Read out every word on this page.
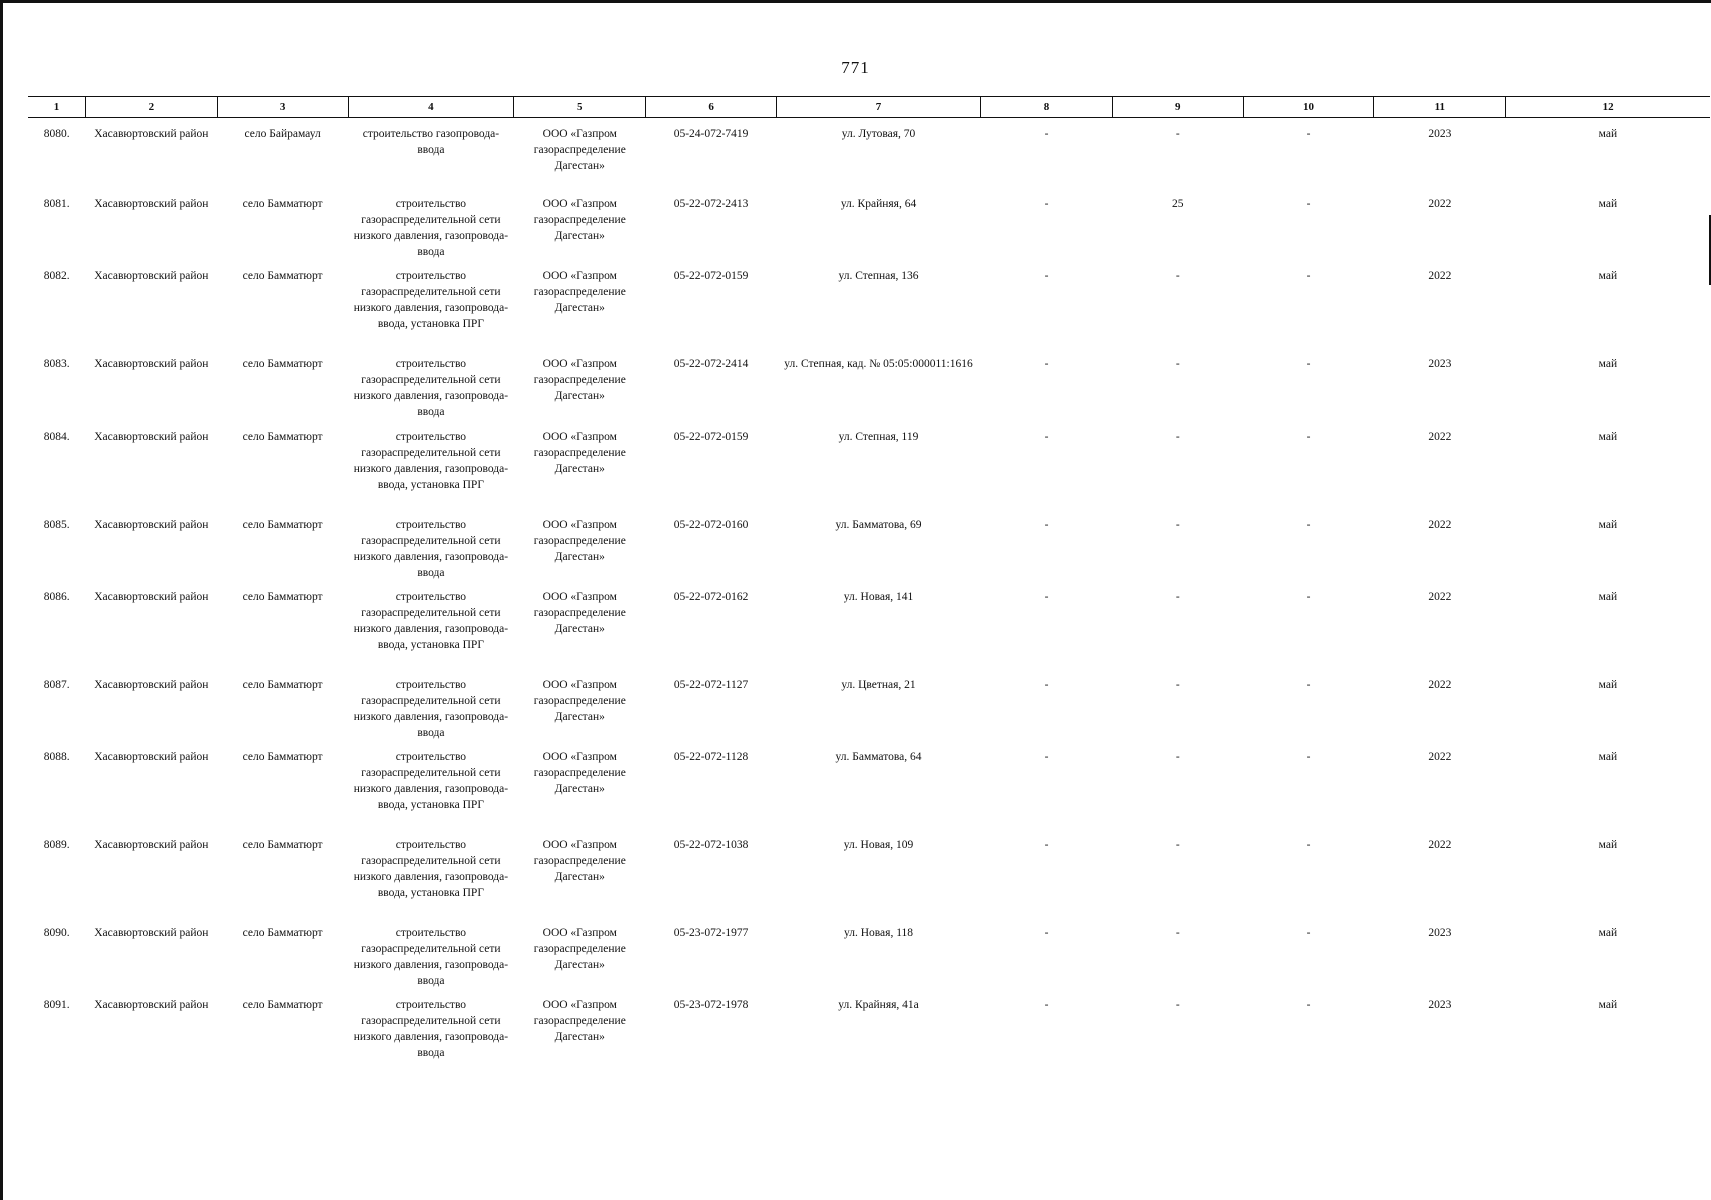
771
1	2	3	4	5	6	7	8	9	10	11	12
8080.	Хасавюртовский район	село Байрамаул	строительство газопровода-ввода	ООО «Газпром газораспределение Дагестан»	05-24-072-7419	ул. Лутовая, 70	-	-	-	2023	май
8081.	Хасавюртовский район	село Бамматюрт	строительство газораспределительной сети низкого давления, газопровода-ввода	ООО «Газпром газораспределение Дагестан»	05-22-072-2413	ул. Крайняя, 64	-	25	-	2022	май
8082.	Хасавюртовский район	село Бамматюрт	строительство газораспределительной сети низкого давления, газопровода-ввода, установка ПРГ	ООО «Газпром газораспределение Дагестан»	05-22-072-0159	ул. Степная, 136	-	-	-	2022	май
8083.	Хасавюртовский район	село Бамматюрт	строительство газораспределительной сети низкого давления, газопровода-ввода	ООО «Газпром газораспределение Дагестан»	05-22-072-2414	ул. Степная, кад. № 05:05:000011:1616	-	-	-	2023	май
8084.	Хасавюртовский район	село Бамматюрт	строительство газораспределительной сети низкого давления, газопровода-ввода, установка ПРГ	ООО «Газпром газораспределение Дагестан»	05-22-072-0159	ул. Степная, 119	-	-	-	2022	май
8085.	Хасавюртовский район	село Бамматюрт	строительство газораспределительной сети низкого давления, газопровода-ввода	ООО «Газпром газораспределение Дагестан»	05-22-072-0160	ул. Бамматова, 69	-	-	-	2022	май
8086.	Хасавюртовский район	село Бамматюрт	строительство газораспределительной сети низкого давления, газопровода-ввода, установка ПРГ	ООО «Газпром газораспределение Дагестан»	05-22-072-0162	ул. Новая, 141	-	-	-	2022	май
8087.	Хасавюртовский район	село Бамматюрт	строительство газораспределительной сети низкого давления, газопровода-ввода	ООО «Газпром газораспределение Дагестан»	05-22-072-1127	ул. Цветная, 21	-	-	-	2022	май
8088.	Хасавюртовский район	село Бамматюрт	строительство газораспределительной сети низкого давления, газопровода-ввода, установка ПРГ	ООО «Газпром газораспределение Дагестан»	05-22-072-1128	ул. Бамматова, 64	-	-	-	2022	май
8089.	Хасавюртовский район	село Бамматюрт	строительство газораспределительной сети низкого давления, газопровода-ввода, установка ПРГ	ООО «Газпром газораспределение Дагестан»	05-22-072-1038	ул. Новая, 109	-	-	-	2022	май
8090.	Хасавюртовский район	село Бамматюрт	строительство газораспределительной сети низкого давления, газопровода-ввода	ООО «Газпром газораспределение Дагестан»	05-23-072-1977	ул. Новая, 118	-	-	-	2023	май
8091.	Хасавюртовский район	село Бамматюрт	строительство газораспределительной сети низкого давления, газопровода-ввода	ООО «Газпром газораспределение Дагестан»	05-23-072-1978	ул. Крайняя, 41а	-	-	-	2023	май
